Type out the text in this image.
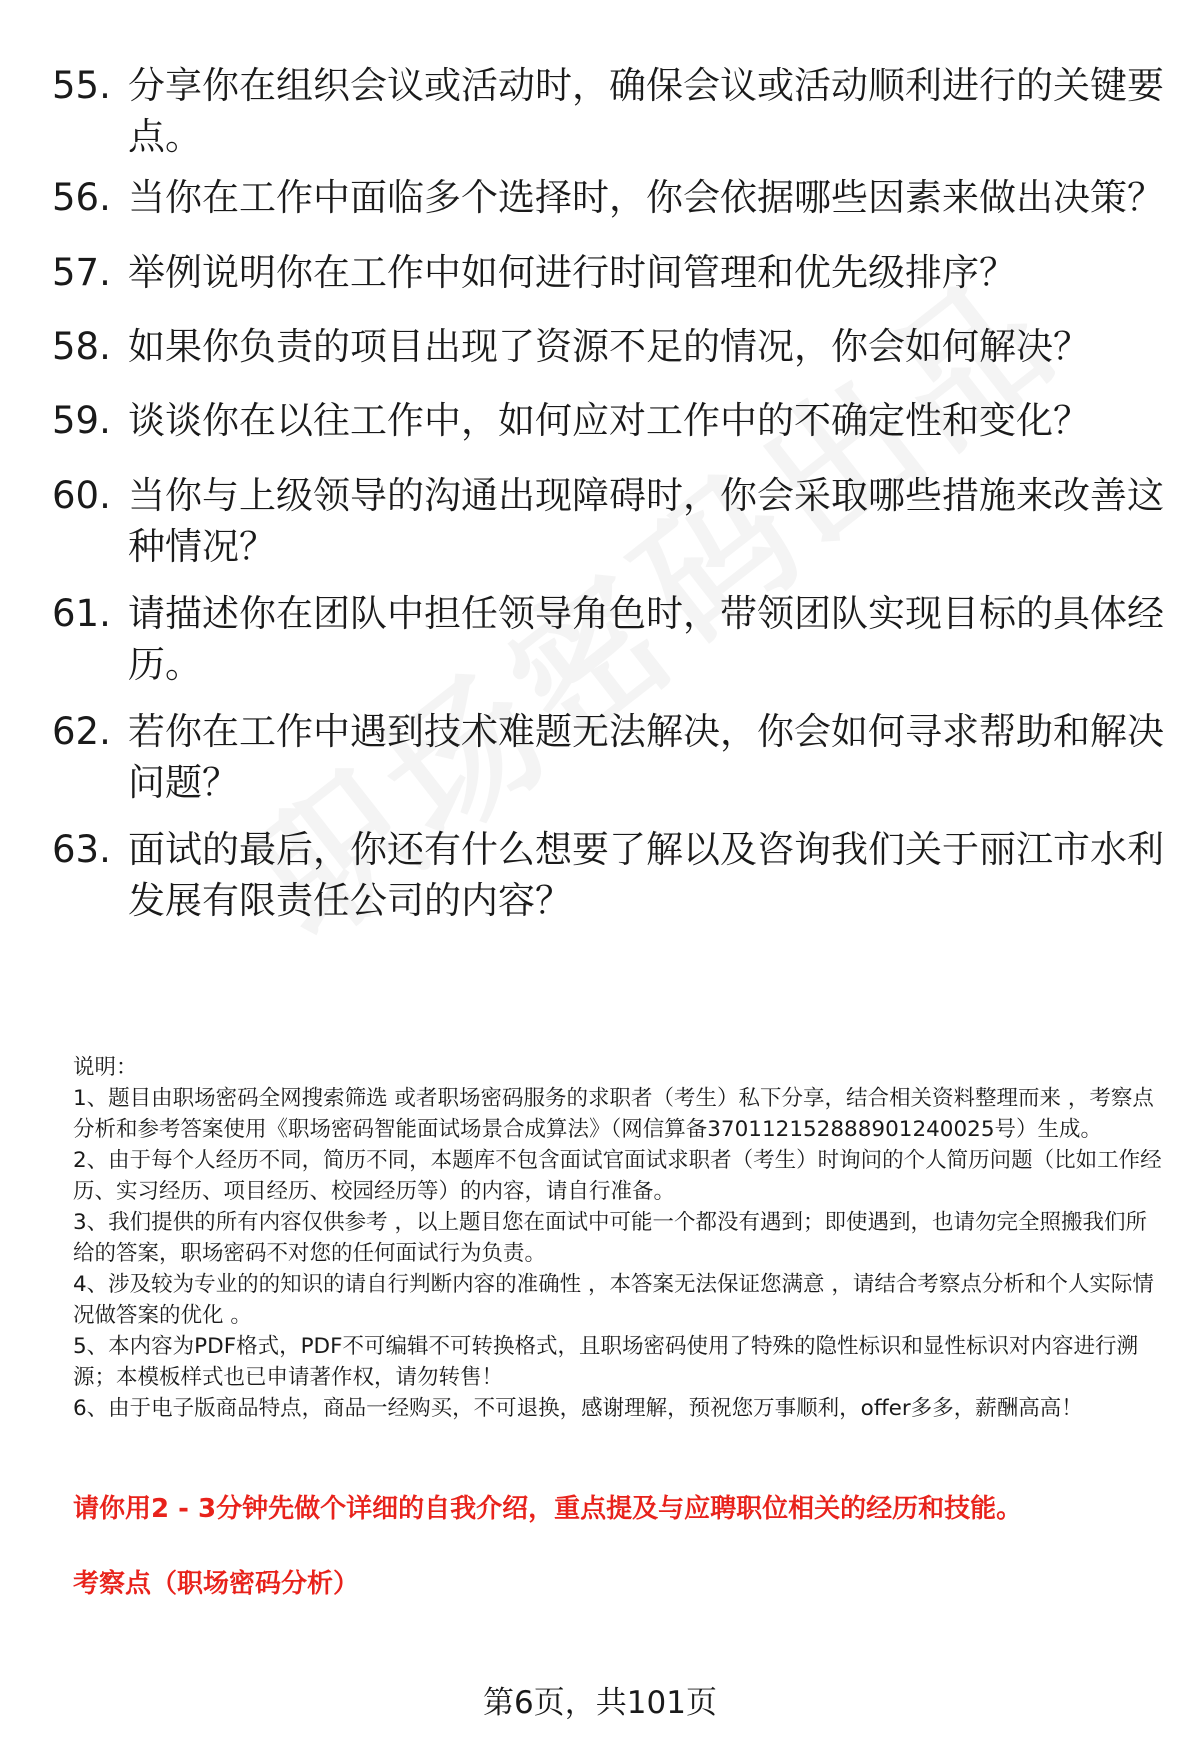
55. 分享你在组织会议或活动时，确保会议或活动顺利进行的关键要点。
56. 当你在工作中面临多个选择时，你会依据哪些因素来做出决策？
57. 举例说明你在工作中如何进行时间管理和优先级排序？
58. 如果你负责的项目出现了资源不足的情况，你会如何解决？
59. 谈谈你在以往工作中，如何应对工作中的不确定性和变化？
60. 当你与上级领导的沟通出现障碍时，你会采取哪些措施来改善这种情况？
61. 请描述你在团队中担任领导角色时，带领团队实现目标的具体经历。
62. 若你在工作中遇到技术难题无法解决，你会如何寻求帮助和解决问题？
63. 面试的最后，你还有什么想要了解以及咨询我们关于丽江市水利发展有限责任公司的内容？

说明：

1、题目由职场密码全网搜索筛选 或者职场密码服务的求职者（考生）私下分享，结合相关资料整理而来 ，考察点分析和参考答案使用《职场密码智能面试场景合成算法》（网信算备370112152888901240025号）生成。

2、由于每个人经历不同，简历不同，本题库不包含面试官面试求职者（考生）时询问的个人简历问题（比如工作经历、实习经历、项目经历、校园经历等）的内容，请自行准备。

3、我们提供的所有内容仅供参考 ，以上题目您在面试中可能一个都没有遇到；即使遇到，也请勿完全照搬我们所给的答案，职场密码不对您的任何面试行为负责。

4、涉及较为专业的的知识的请自行判断内容的准确性 ，本答案无法保证您满意 ，请结合考察点分析和个人实际情况做答案的优化 。

5、本内容为PDF格式，PDF不可编辑不可转换格式，且职场密码使用了特殊的隐性标识和显性标识对内容进行溯源；本模板样式也已申请著作权，请勿转售！

6、由于电子版商品特点，商品一经购买，不可退换，感谢理解，预祝您万事顺利，offer多多，薪酬高高！

请你用2 - 3分钟先做个详细的自我介绍，重点提及与应聘职位相关的经历和技能。
考察点（职场密码分析）
第6页，共101页
